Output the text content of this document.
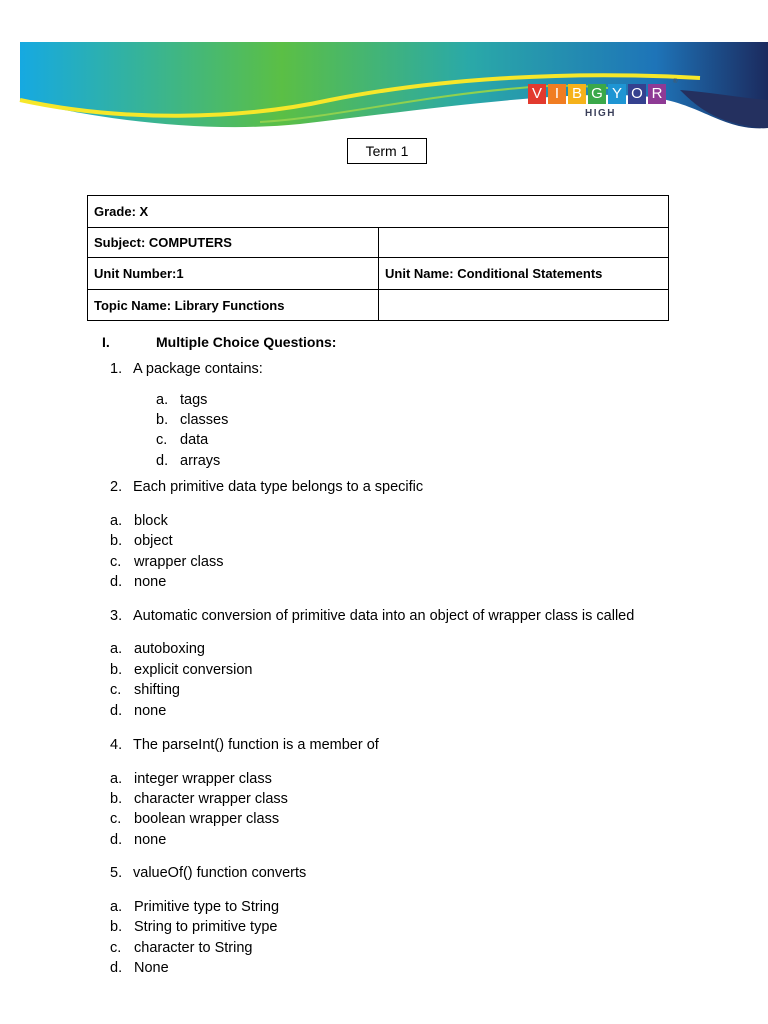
V I B G Y O R
HIGH
®
Term 1
Grade: X	
Subject: COMPUTERS	
Unit Number:1	Unit Name: Conditional Statements
Topic Name: Library Functions	
I.	Multiple Choice Questions:
1. A package contains:
a. tags
b. classes
c. data
d. arrays
2. Each primitive data type belongs to a specific
a. block
b. object
c. wrapper class
d. none
3. Automatic conversion of primitive data into an object of wrapper class is called
a. autoboxing
b. explicit conversion
c. shifting
d. none
4. The parseInt() function is a member of
a. integer wrapper class
b. character wrapper class
c. boolean wrapper class
d. none
5. valueOf() function converts
a. Primitive type to String
b. String to primitive type
c. character to String
d. None
